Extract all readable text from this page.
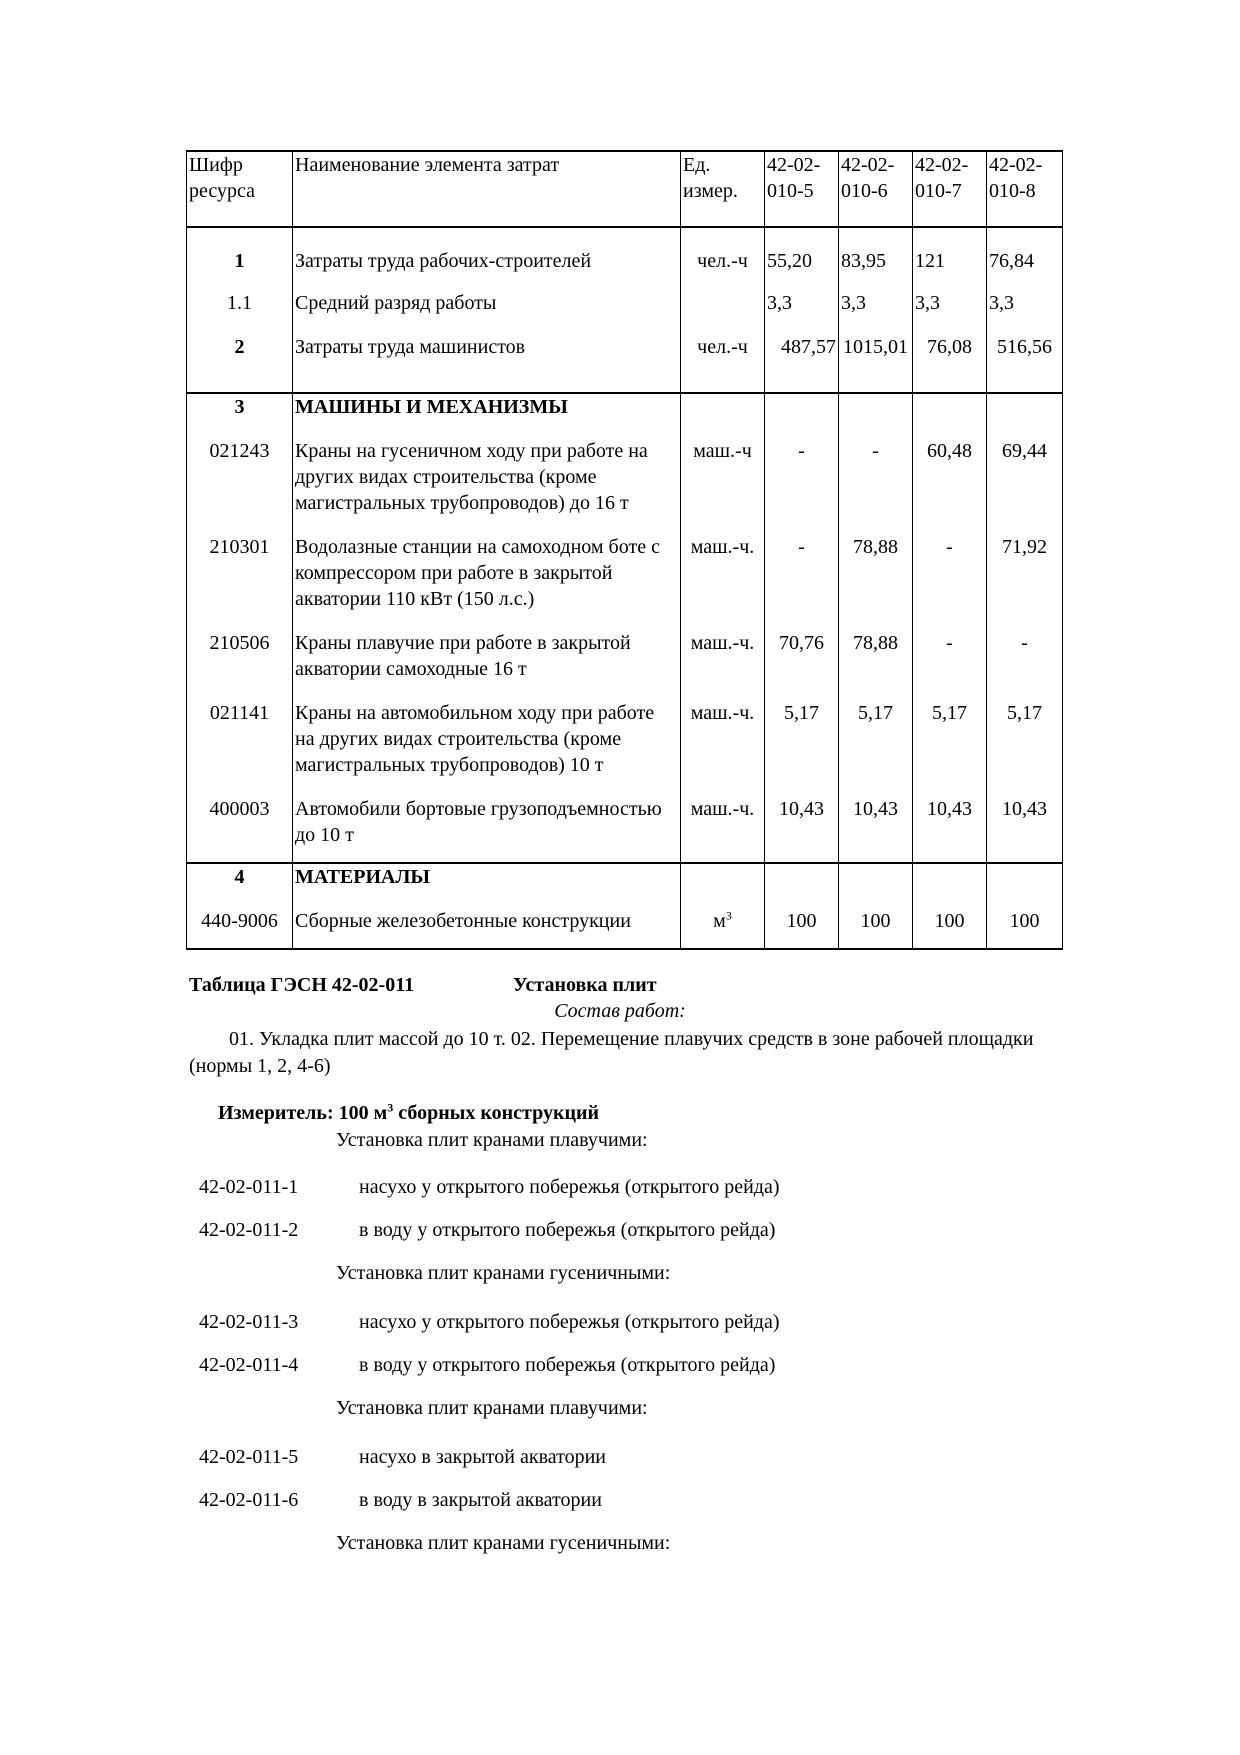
Шифр ресурса	Наименование элемента затрат	Ед. измер.	42-02-010-5	42-02-010-6	42-02-010-7	42-02-010-8
1	Затраты труда рабочих-строителей	чел.-ч	55,20	83,95	121	76,84
1.1	Средний разряд работы		3,3	3,3	3,3	3,3
2	Затраты труда машинистов	чел.-ч	487,57	1015,01	76,08	516,56
3	МАШИНЫ И МЕХАНИЗМЫ					
021243	Краны на гусеничном ходу при работе на других видах строительства (кроме магистральных трубопроводов) до 16 т	маш.-ч	-	-	60,48	69,44
210301	Водолазные станции на самоходном боте с компрессором при работе в закрытой акватории 110 кВт (150 л.с.)	маш.-ч.	-	78,88	-	71,92
210506	Краны плавучие при работе в закрытой акватории самоходные 16 т	маш.-ч.	70,76	78,88	-	-
021141	Краны на автомобильном ходу при работе на других видах строительства (кроме магистральных трубопроводов) 10 т	маш.-ч.	5,17	5,17	5,17	5,17
400003	Автомобили бортовые грузоподъемностью до 10 т	маш.-ч.	10,43	10,43	10,43	10,43
4	МАТЕРИАЛЫ					
440-9006	Сборные железобетонные конструкции	$м^3$	100	100	100	100
Таблица ГЭСН 42-02-011	Установка плит
Состав работ:
01. Укладка плит массой до 10 т. 02. Перемещение плавучих средств в зоне рабочей площадки (нормы 1, 2, 4-6)
Измеритель: 100 $м^3$ сборных конструкций
Установка плит кранами плавучими:
42-02-011-1	насухо у открытого побережья (открытого рейда)
42-02-011-2	в воду у открытого побережья (открытого рейда)
Установка плит кранами гусеничными:
42-02-011-3	насухо у открытого побережья (открытого рейда)
42-02-011-4	в воду у открытого побережья (открытого рейда)
Установка плит кранами плавучими:
42-02-011-5	насухо в закрытой акватории
42-02-011-6	в воду в закрытой акватории
Установка плит кранами гусеничными:
